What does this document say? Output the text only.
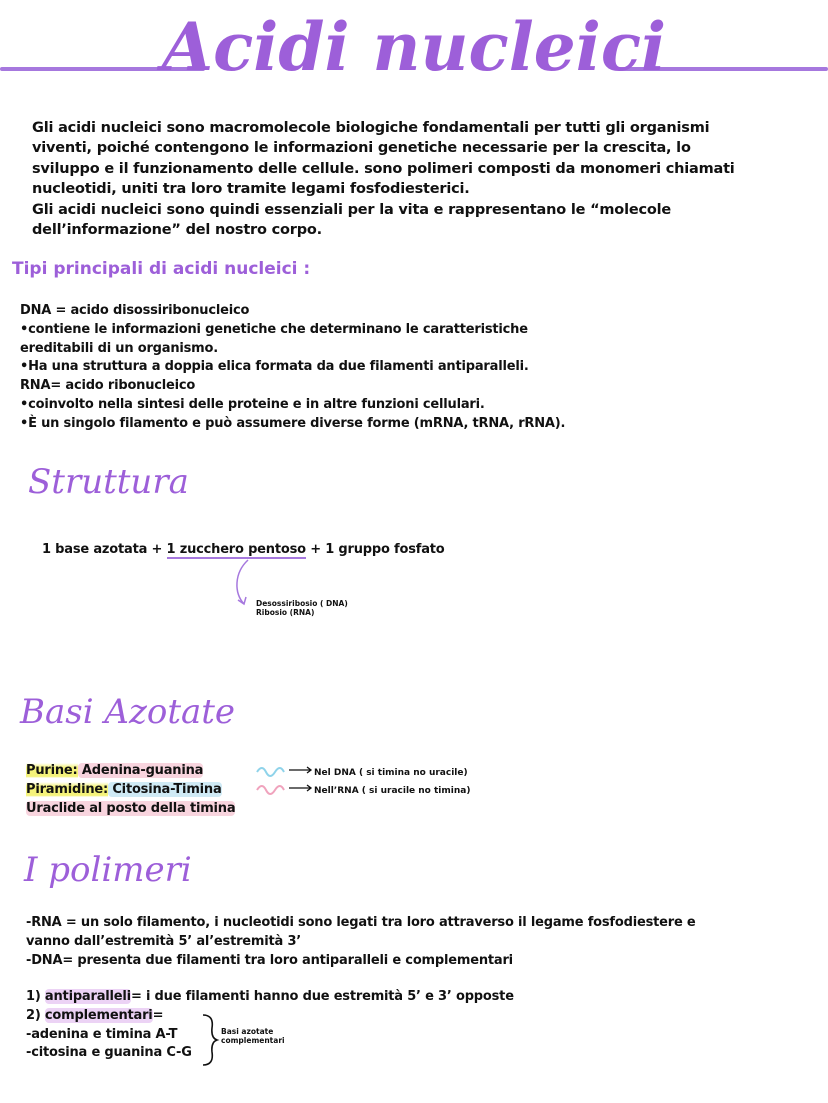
Acidi nucleici
Gli acidi nucleici sono macromolecole biologiche fondamentali per tutti gli organismi
viventi, poiché contengono le informazioni genetiche necessarie per la crescita, lo
sviluppo e il funzionamento delle cellule. sono polimeri composti da monomeri chiamati
nucleotidi, uniti tra loro tramite legami fosfodiesterici.
Gli acidi nucleici sono quindi essenziali per la vita e rappresentano le “molecole
dell’informazione” del nostro corpo.
Tipi principali di acidi nucleici :
DNA = acido disossiribonucleico
•contiene le informazioni genetiche che determinano le caratteristiche
ereditabili di un organismo.
•Ha una struttura a doppia elica formata da due filamenti antiparalleli.
RNA= acido ribonucleico
•coinvolto nella sintesi delle proteine e in altre funzioni cellulari.
•È un singolo filamento e può assumere diverse forme (mRNA, tRNA, rRNA).
Struttura
1 base azotata + 1 zucchero pentoso + 1 gruppo fosfato
Desossiribosio ( DNA)
Ribosio (RNA)
Basi Azotate
Purine: Adenina-guanina
Piramidine: Citosina-Timina
Uraclide al posto della timina
Nel DNA ( si timina no uracile)
Nell’RNA ( si uracile no timina)
I polimeri
-RNA = un solo filamento, i nucleotidi sono legati tra loro attraverso il legame fosfodiestere e
vanno dall’estremità 5’ al’estremità 3’
-DNA= presenta due filamenti tra loro antiparalleli e complementari
1) antiparalleli= i due filamenti hanno due estremità 5’ e 3’ opposte
2) complementari=
-adenina e timina A-T
-citosina e guanina C-G
Basi azotate
complementari
